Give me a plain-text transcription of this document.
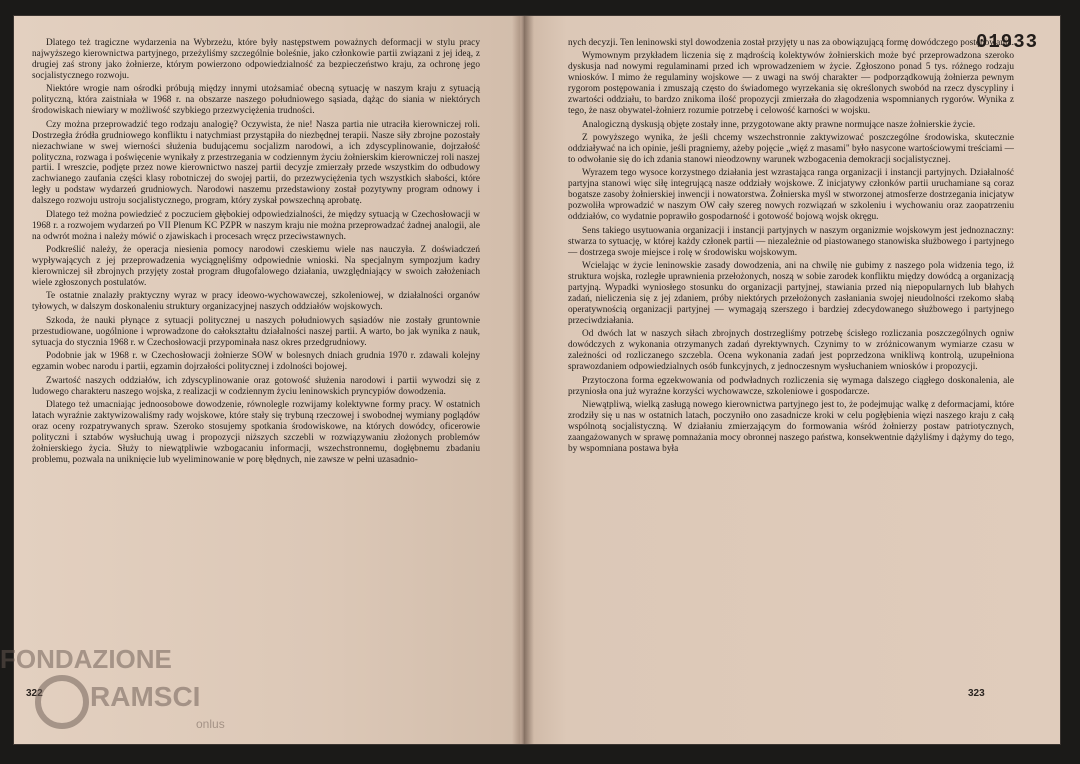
Dlatego też tragiczne wydarzenia na Wybrzeżu, które były następstwem poważnych deformacji w stylu pracy najwyższego kierownictwa partyjnego, przeżyliśmy szczególnie boleśnie, jako członkowie partii związani z jej ideą, z drugiej zaś strony jako żołnierze, którym powierzono odpowiedzialność za bezpieczeństwo kraju, za ochronę jego socjalistycznego rozwoju.

Niektóre wrogie nam ośrodki próbują między innymi utożsamiać obecną sytuację w naszym kraju z sytuacją polityczną, która zaistniała w 1968 r. na obszarze naszego południowego sąsiada, dążąc do siania w niektórych środowiskach niewiary w możliwość szybkiego przezwyciężenia trudności.

Czy można przeprowadzić tego rodzaju analogię? Oczywista, że nie! Nasza partia nie utraciła kierowniczej roli. Dostrzegła źródła grudniowego konfliktu i natychmiast przystąpiła do niezbędnej terapii. Nasze siły zbrojne pozostały niezachwiane w swej wierności służenia budującemu socjalizm narodowi, a ich zdyscyplinowanie, dojrzałość polityczna, rozwaga i poświęcenie wynikały z przestrzegania w codziennym życiu żołnierskim kierowniczej roli naszej partii. I wreszcie, podjęte przez nowe kierownictwo naszej partii decyzje zmierzały przede wszystkim do odbudowy zachwianego zaufania części klasy robotniczej do swojej partii, do przezwyciężenia tych wszystkich słabości, które legły u podstaw wydarzeń grudniowych. Narodowi naszemu przedstawiony został pozytywny program odnowy i dalszego rozwoju ustroju socjalistycznego, program, który zyskał powszechną aprobatę.

Dlatego też można powiedzieć z poczuciem głębokiej odpowiedzialności, że między sytuacją w Czechosłowacji w 1968 r. a rozwojem wydarzeń po VII Plenum KC PZPR w naszym kraju nie można przeprowadzać żadnej analogii, ale na odwrót można i należy mówić o zjawiskach i procesach wręcz przeciwstawnych.

Podkreślić należy, że operacja niesienia pomocy narodowi czeskiemu wiele nas nauczyła. Z doświadczeń wypływających z jej przeprowadzenia wyciągnęliśmy odpowiednie wnioski. Na specjalnym sympozjum kadry kierowniczej sił zbrojnych przyjęty został program długofalowego działania, uwzględniający w swoich założeniach wiele zgłoszonych postulatów.

Te ostatnie znalazły praktyczny wyraz w pracy ideowo-wychowawczej, szkoleniowej, w działalności organów tyłowych, w dalszym doskonaleniu struktury organizacyjnej naszych oddziałów wojskowych.

Szkoda, że nauki płynące z sytuacji politycznej u naszych południowych sąsiadów nie zostały gruntownie przestudiowane, uogólnione i wprowadzone do całokształtu działalności naszej partii. A warto, bo jak wynika z nauk, sytuacja do stycznia 1968 r. w Czechosłowacji przypominała nasz okres przedgrudniowy.

Podobnie jak w 1968 r. w Czechosłowacji żołnierze SOW w bolesnych dniach grudnia 1970 r. zdawali kolejny egzamin wobec narodu i partii, egzamin dojrzałości politycznej i zdolności bojowej.

Zwartość naszych oddziałów, ich zdyscyplinowanie oraz gotowość służenia narodowi i partii wywodzi się z ludowego charakteru naszego wojska, z realizacji w codziennym życiu leninowskich pryncypiów dowodzenia.

Dlatego też umacniając jednoosobowe dowodzenie, równolegle rozwijamy kolektywne formy pracy. W ostatnich latach wyraźnie zaktywizowaliśmy rady wojskowe, które stały się trybuną rzeczowej i swobodnej wymiany poglądów oraz oceny rozpatrywanych spraw. Szeroko stosujemy spotkania środowiskowe, na których dowódcy, oficerowie polityczni i sztabów wysłuchują uwag i propozycji niższych szczebli w rozwiązywaniu złożonych problemów żołnierskiego życia. Służy to niewątpliwie wzbogacaniu informacji, wszechstronnemu, dogłębnemu zbadaniu problemu, pozwala na uniknięcie lub wyeliminowanie w porę błędnych, nie zawsze w pełni uzasadnio-

322

nych decyzji. Ten leninowski styl dowodzenia został przyjęty u nas za obowiązującą formę dowódczego postępowania.

Wymownym przykładem liczenia się z mądrością kolektywów żołnierskich może być przeprowadzona szeroko dyskusja nad nowymi regulaminami przed ich wprowadzeniem w życie. Zgłoszono ponad 5 tys. różnego rodzaju wniosków. I mimo że regulaminy wojskowe — z uwagi na swój charakter — podporządkowują żołnierza pewnym rygorom postępowania i zmuszają często do świadomego wyrzekania się określonych swobód na rzecz dyscypliny i zwartości oddziału, to bardzo znikoma ilość propozycji zmierzała do złagodzenia wspomnianych rygorów. Wynika z tego, że nasz obywatel-żołnierz rozumie potrzebę i celowość karności w wojsku.

Analogiczną dyskusją objęte zostały inne, przygotowane akty prawne normujące nasze żołnierskie życie.

Z powyższego wynika, że jeśli chcemy wszechstronnie zaktywizować poszczególne środowiska, skutecznie oddziaływać na ich opinie, jeśli pragniemy, ażeby pojęcie „więź z masami" było nasycone wartościowymi treściami — to odwołanie się do ich zdania stanowi nieodzowny warunek wzbogacenia demokracji socjalistycznej.

Wyrazem tego wysoce korzystnego działania jest wzrastająca ranga organizacji i instancji partyjnych. Działalność partyjna stanowi więc siłę integrującą nasze oddziały wojskowe. Z inicjatywy członków partii uruchamiane są coraz bogatsze zasoby żołnierskiej inwencji i nowatorstwa. Żołnierska myśl w stworzonej atmosferze dostrzegania inicjatyw pozwoliła wprowadzić w naszym OW cały szereg nowych rozwiązań w szkoleniu i wychowaniu oraz zaopatrzeniu oddziałów, co wydatnie poprawiło gospodarność i gotowość bojową wojsk okręgu.

Sens takiego usytuowania organizacji i instancji partyjnych w naszym organizmie wojskowym jest jednoznaczny: stwarza to sytuację, w której każdy członek partii — niezależnie od piastowanego stanowiska służbowego i partyjnego — dostrzega swoje miejsce i rolę w środowisku wojskowym.

Wcielając w życie leninowskie zasady dowodzenia, ani na chwilę nie gubimy z naszego pola widzenia tego, iż struktura wojska, rozległe uprawnienia przełożonych, noszą w sobie zarodek konfliktu między dowódcą a organizacją partyjną. Wypadki wyniosłego stosunku do organizacji partyjnej, stawiania przed nią niepopularnych lub błahych zadań, nieliczenia się z jej zdaniem, próby niektórych przełożonych zasłaniania swojej nieudolności rzekomo słabą operatywnością organizacji partyjnej — wymagają szerszego i bardziej zdecydowanego służbowego i partyjnego przeciwdziałania.

Od dwóch lat w naszych siłach zbrojnych dostrzegliśmy potrzebę ścisłego rozliczania poszczególnych ogniw dowódczych z wykonania otrzymanych zadań dyrektywnych. Czynimy to w zróżnicowanym wymiarze czasu w zależności od rozliczanego szczebla. Ocena wykonania zadań jest poprzedzona wnikliwą kontrolą, uzupełniona sprawozdaniem odpowiedzialnych osób funkcyjnych, z jednoczesnym wysłuchaniem wniosków i propozycji.

Przytoczona forma egzekwowania od podwładnych rozliczenia się wymaga dalszego ciągłego doskonalenia, ale przyniosła ona już wyraźne korzyści wychowawcze, szkoleniowe i gospodarcze.

Niewątpliwą, wielką zasługą nowego kierownictwa partyjnego jest to, że podejmując walkę z deformacjami, które zrodziły się u nas w ostatnich latach, poczyniło ono zasadnicze kroki w celu pogłębienia więzi naszego kraju z całą wspólnotą socjalistyczną. W działaniu zmierzającym do formowania wśród żołnierzy postaw patriotycznych, zaangażowanych w sprawę pomnażania mocy obronnej naszego państwa, konsekwentnie dążyliśmy i dążymy do tego, by wspomniana postawa była

323
01933
FONDAZIONE
RAMSCI
onlus
